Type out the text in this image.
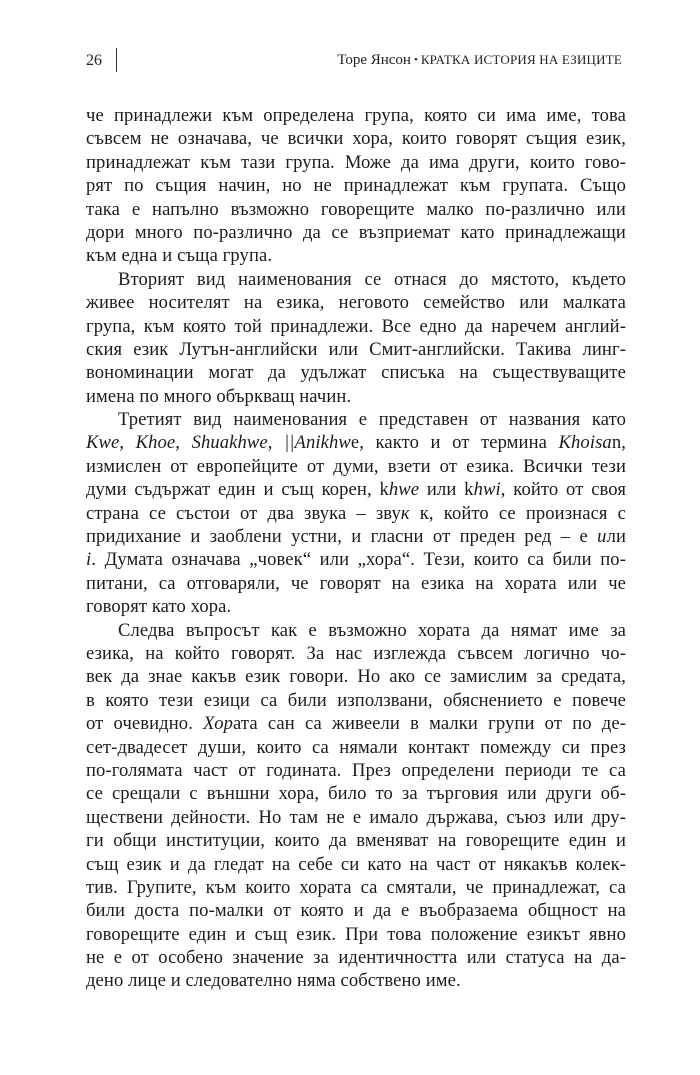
26	Торе Янсон • КРАТКА ИСТОРИЯ НА ЕЗИЦИТЕ
че принадлежи към определена група, която си има име, това
съвсем не означава, че всички хора, които говорят същия език,
принадлежат към тази група. Може да има други, които гово-
рят по същия начин, но не принадлежат към групата. Също
така е напълно възможно говорещите малко по-различно или
дори много по-различно да се възприемат като принадлежащи
към една и съща група.
Вторият вид наименования се отнася до мястото, където
живее носителят на езика, неговото семейство или малката
група, към която той принадлежи. Все едно да наречем англий-
ския език Лутън-английски или Смит-английски. Такива линг-
вономинации могат да удължат списъка на съществуващите
имена по много объркващ начин.
Третият вид наименования е представен от названия като
Kwe, Khoe, Shuakhwe, ||Anikhwe, както и от термина Khoisan,
измислен от европейците от думи, взети от езика. Всички тези
думи съдържат един и същ корен, khwe или khwi, който от своя
страна се състои от два звука – звук к, който се произнася с
придихание и заоблени устни, и гласни от преден ред – е или
i. Думата означава „човек“ или „хора“. Тези, които са били по-
питани, са отговаряли, че говорят на езика на хората или че
говорят като хора.
Следва въпросът как е възможно хората да нямат име за
езика, на който говорят. За нас изглежда съвсем логично чо-
век да знае какъв език говори. Но ако се замислим за средата,
в която тези езици са били използвани, обяснението е повече
от очевидно. Хората сан са живеели в малки групи от по де-
сет-двадесет души, които са нямали контакт помежду си през
по-голямата част от годината. През определени периоди те са
се срещали с външни хора, било то за търговия или други об-
ществени дейности. Но там не е имало държава, съюз или дру-
ги общи институции, които да вменяват на говорещите един и
същ език и да гледат на себе си като на част от някакъв колек-
тив. Групите, към които хората са смятали, че принадлежат, са
били доста по-малки от която и да е въобразаема общност на
говорещите един и същ език. При това положение езикът явно
не е от особено значение за идентичността или статуса на да-
дено лице и следователно няма собствено име.
